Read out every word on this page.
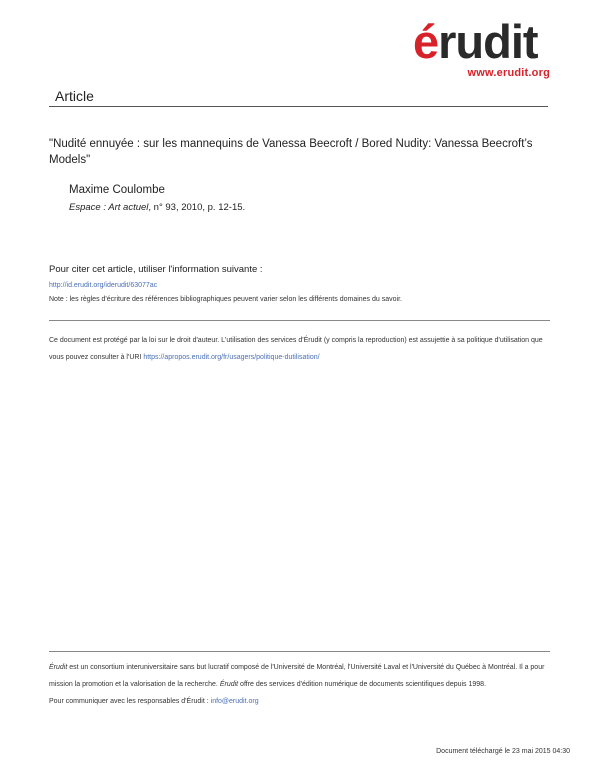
érudit
www.erudit.org
Article
"Nudité ennuyée : sur les mannequins de Vanessa Beecroft / Bored Nudity: Vanessa Beecroft’s Models"
Maxime Coulombe
Espace : Art actuel, n° 93, 2010, p. 12-15.
Pour citer cet article, utiliser l'information suivante :
http://id.erudit.org/iderudit/63077ac
Note : les règles d'écriture des références bibliographiques peuvent varier selon les différents domaines du savoir.
Ce document est protégé par la loi sur le droit d'auteur. L'utilisation des services d'Érudit (y compris la reproduction) est assujettie à sa politique d'utilisation que vous pouvez consulter à l'URI https://apropos.erudit.org/fr/usagers/politique-dutilisation/
Érudit est un consortium interuniversitaire sans but lucratif composé de l'Université de Montréal, l'Université Laval et l'Université du Québec à Montréal. Il a pour mission la promotion et la valorisation de la recherche. Érudit offre des services d'édition numérique de documents scientifiques depuis 1998.
Pour communiquer avec les responsables d'Érudit : info@erudit.org
Document téléchargé le 23 mai 2015 04:30
